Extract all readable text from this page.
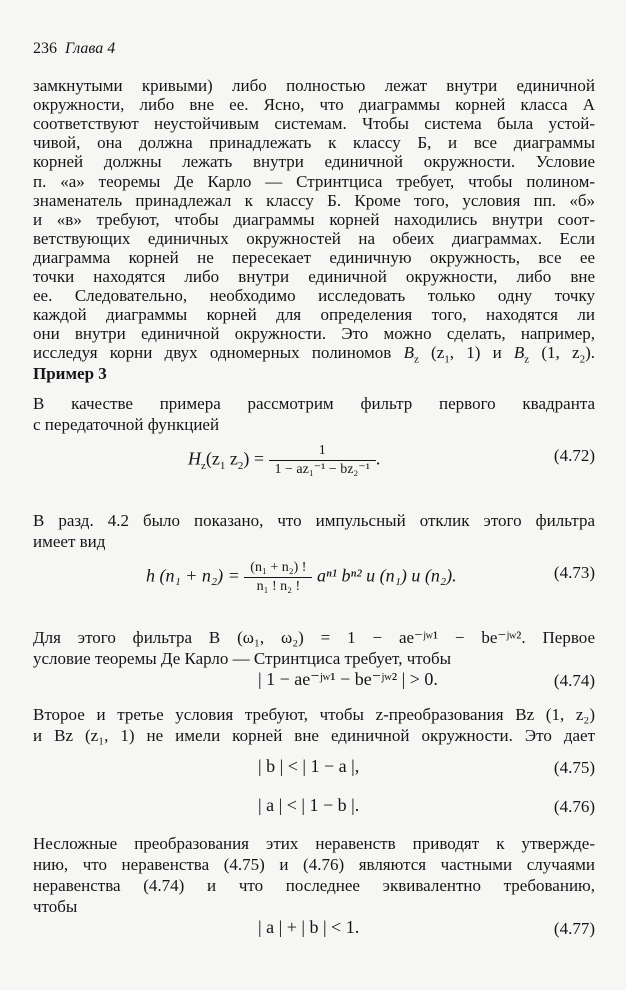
236 Глава 4

замкнутыми кривыми) либо полностью лежат внутри единичной

окружности, либо вне ее. Ясно, что диаграммы корней класса А

соответствуют неустойчивым системам. Чтобы система была устой-

чивой, она должна принадлежать к классу Б, и все диаграммы

корней должны лежать внутри единичной окружности. Условие

п. «а» теоремы Де Карло — Стринтциса требует, чтобы полином-

знаменатель принадлежал к классу Б. Кроме того, условия пп. «б»

и «в» требуют, чтобы диаграммы корней находились внутри соот-

ветствующих единичных окружностей на обеих диаграммах. Если

диаграмма корней не пересекает единичную окружность, все ее

точки находятся либо внутри единичной окружности, либо вне

ее. Следовательно, необходимо исследовать только одну точку

каждой диаграммы корней для определения того, находятся ли

они внутри единичной окружности. Это можно сделать, например,

исследуя корни двух одномерных полиномов $B_z$ ($z_1$, 1) и $B_z$ (1, $z_2$).

Пример 3

В качестве примера рассмотрим фильтр первого квадранта

с передаточной функцией

$H_z(z_1$ $z_2) = \frac{1}{\text{1 − az₁⁻¹ − bz₂⁻¹}}$ .	(4.72)

В разд. 4.2 было показано, что импульсный отклик этого фильтра

имеет вид

h $(n_1 + n_2) = \frac{\text{(n₁ + n₂) !}}{\text{n₁ ! n₂ !}} a^{n1}$ bⁿ² u (n₁) u (n₂).	(4.73)

Для этого фильтра B (ω₁, ω₂) = 1 − ae⁻ʲʷ¹ − be⁻ʲʷ². Первое

условие теоремы Де Карло — Стринтциса требует, чтобы

| 1 − ae⁻ʲʷ¹ − be⁻ʲʷ² | > 0.	(4.74)

Второе и третье условия требуют, чтобы z-преобразования Bz (1, z₂)

и Bz (z₁, 1) не имели корней вне единичной окружности. Это дает

| b | < | 1 − a |,	(4.75)
| a | < | 1 − b |.	(4.76)

Несложные преобразования этих неравенств приводят к утвержде-

нию, что неравенства (4.75) и (4.76) являются частными случаями

неравенства (4.74) и что последнее эквивалентно требованию,

чтобы

| a | + | b | < 1.	(4.77)
